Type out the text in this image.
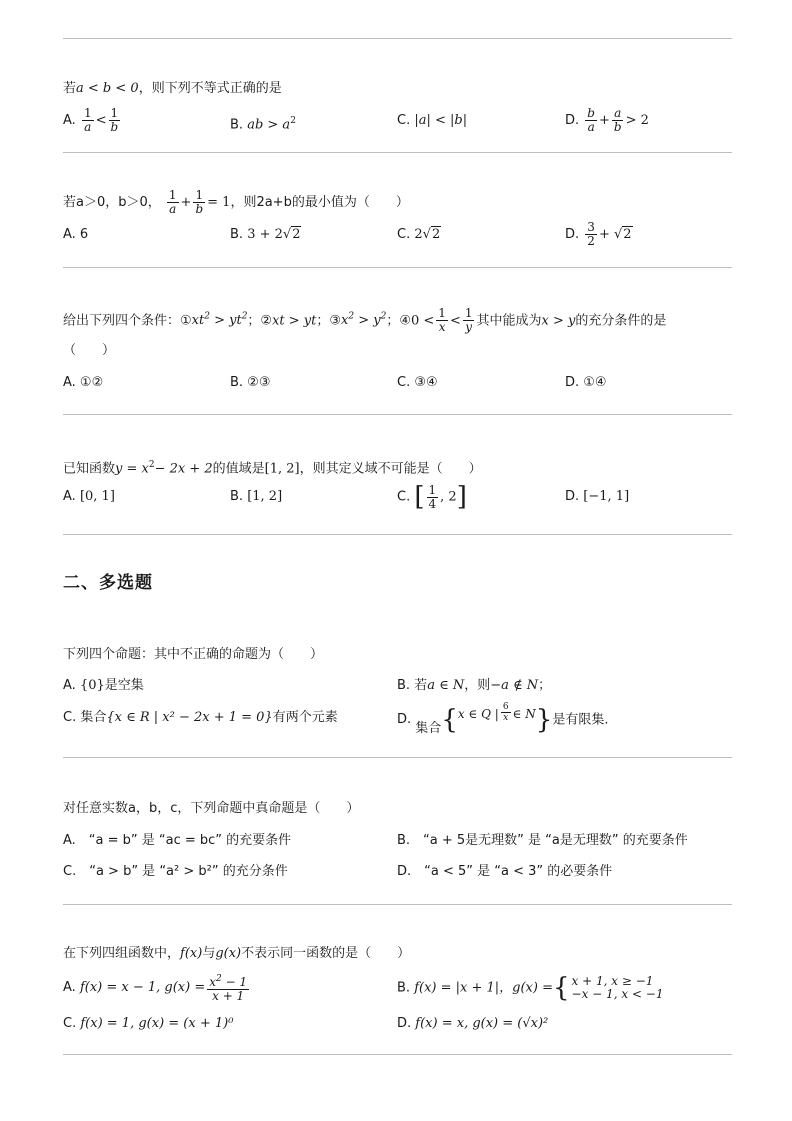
若a < b < 0，则下列不等式正确的是
A. $\frac{1}{a} < \frac{1}{b}$	B. ab > $a^2$	C. |a| < |b|	D. $\frac{b}{a} + \frac{a}{b} > 2$
若a＞0，b＞0， $\frac{1}{a} + \frac{1}{b} = 1$，则2a+b的最小值为（　　）
A. 6	B. 3 + 2√2	C. 2√2	D. $\frac{3}{2} + √2$
给出下列四个条件：$①xt^2 > yt^2$；②xt > yt；$③x^2 > y^2$；④0 < $\frac{1}{x} < \frac{1}{y}$ 其中能成为x > y的充分条件的是
（　　）
A. ①②	B. ②③	C. ③④	D. ①④
已知函数$y = x^2- 2x + 2$的值域是[1, 2]，则其定义域不可能是（　　）
A. [0, 1]	B. [1, 2]	C. [ $\frac{1}{4}$ , 2]	D. [−1, 1]
二、多选题
下列四个命题：其中不正确的命题为（　　）
A. {0}是空集	B. 若a ∈ N，则−a ∉ N；
C. 集合{x ∈ R | x² − 2x + 1 = 0}有两个元素	D. 集合{x ∈ Q | $\frac{6}{x}$ ∈ N}是有限集.
对任意实数a，b，c，下列命题中真命题是（　　）
A.　“a = b” 是 “ac = bc” 的充要条件	B.　“a + 5是无理数” 是 “a是无理数” 的充要条件
C.　“a > b” 是 “a² > b²” 的充分条件	D.　“a < 5” 是 “a < 3” 的必要条件
在下列四组函数中，f(x)与g(x)不表示同一函数的是（　　）
A. f(x) = x − 1, $g(x) = \frac{x^2 - 1}{x + 1}$	B. f(x) = |x + 1|，g(x) = { x + 1, x ≥ −1
−x − 1, x < −1
C. f(x) = 1, g(x) = (x + 1)⁰	D. f(x) = x, g(x) = (√x)²
